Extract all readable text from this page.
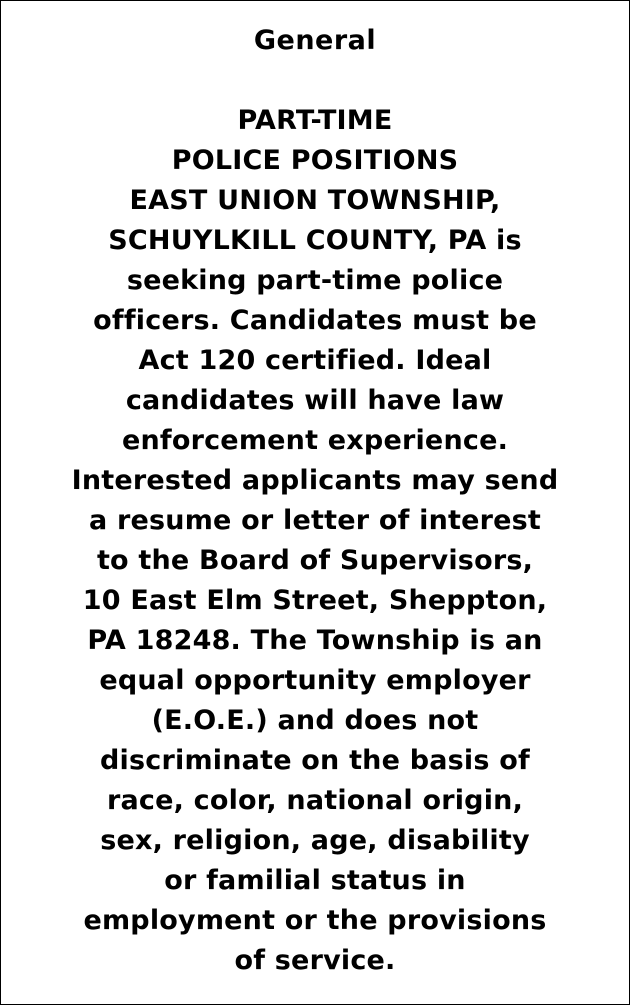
General
PART-TIME
POLICE POSITIONS
EAST UNION TOWNSHIP,
SCHUYLKILL COUNTY, PA is
seeking part-time police
officers. Candidates must be
Act 120 certified. Ideal
candidates will have law
enforcement experience.
Interested applicants may send
a resume or letter of interest
to the Board of Supervisors,
10 East Elm Street, Sheppton,
PA 18248. The Township is an
equal opportunity employer
(E.O.E.) and does not
discriminate on the basis of
race, color, national origin,
sex, religion, age, disability
or familial status in
employment or the provisions
of service.
